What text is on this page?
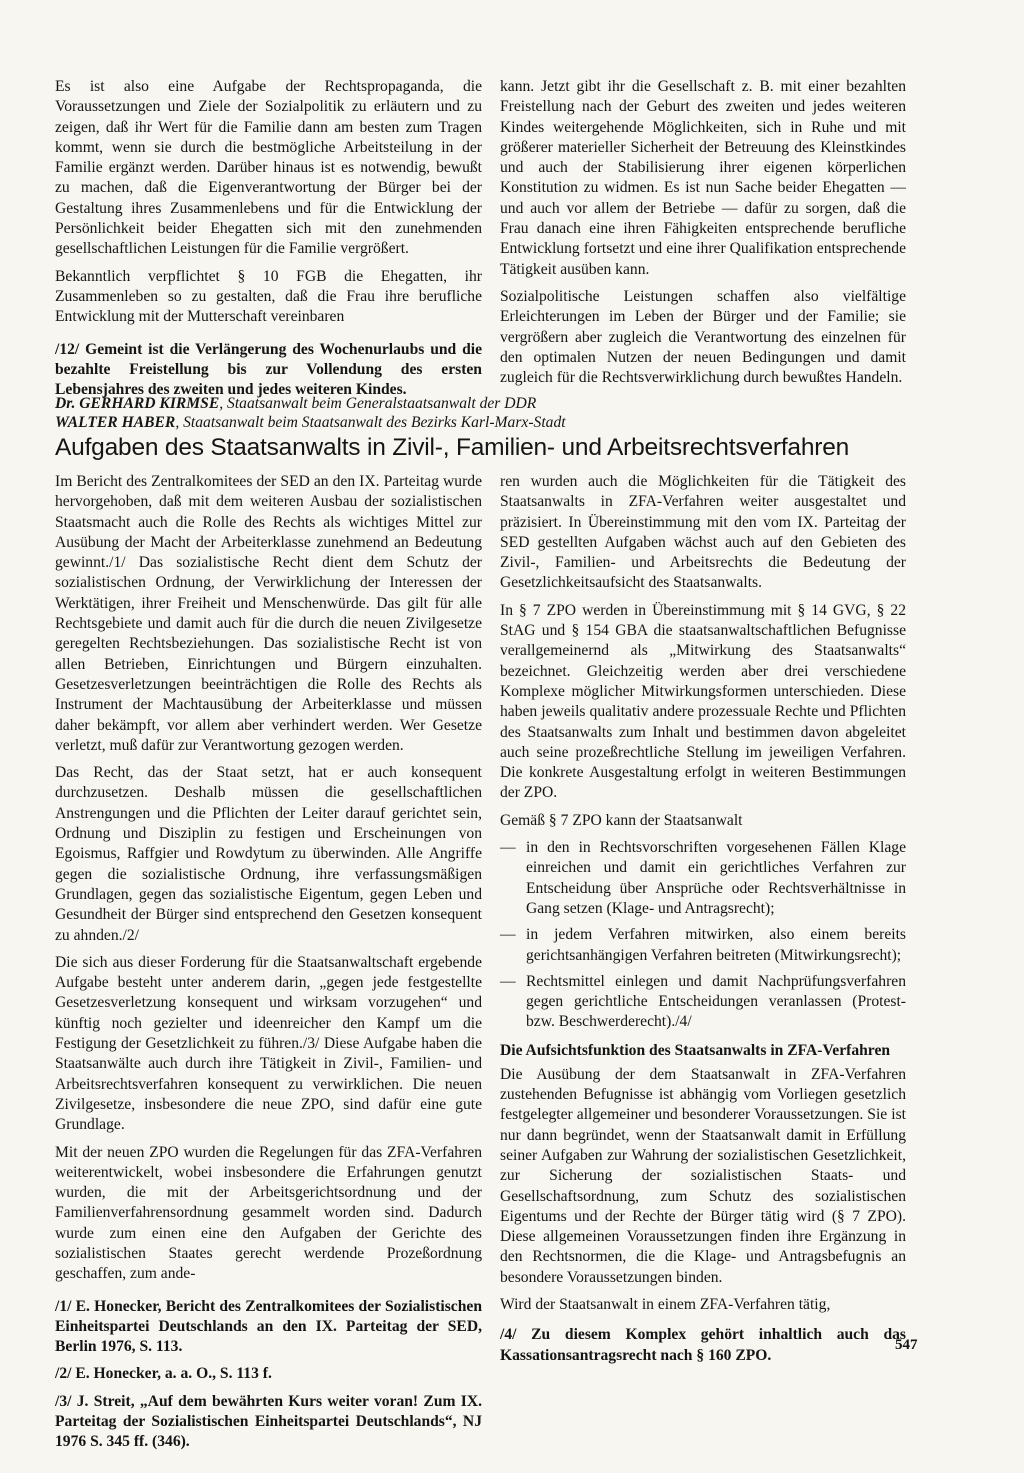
Es ist also eine Aufgabe der Rechtspropaganda, die Voraussetzungen und Ziele der Sozialpolitik zu erläutern und zu zeigen, daß ihr Wert für die Familie dann am besten zum Tragen kommt, wenn sie durch die bestmögliche Arbeitsteilung in der Familie ergänzt werden. Darüber hinaus ist es notwendig, bewußt zu machen, daß die Eigenverantwortung der Bürger bei der Gestaltung ihres Zusammenlebens und für die Entwicklung der Persönlichkeit beider Ehegatten sich mit den zunehmenden gesellschaftlichen Leistungen für die Familie vergrößert.

Bekanntlich verpflichtet § 10 FGB die Ehegatten, ihr Zusammenleben so zu gestalten, daß die Frau ihre berufliche Entwicklung mit der Mutterschaft vereinbaren

/12/ Gemeint ist die Verlängerung des Wochenurlaubs und die bezahlte Freistellung bis zur Vollendung des ersten Lebensjahres des zweiten und jedes weiteren Kindes.

kann. Jetzt gibt ihr die Gesellschaft z. B. mit einer bezahlten Freistellung nach der Geburt des zweiten und jedes weiteren Kindes weitergehende Möglichkeiten, sich in Ruhe und mit größerer materieller Sicherheit der Betreuung des Kleinstkindes und auch der Stabilisierung ihrer eigenen körperlichen Konstitution zu widmen. Es ist nun Sache beider Ehegatten — und auch vor allem der Betriebe — dafür zu sorgen, daß die Frau danach eine ihren Fähigkeiten entsprechende berufliche Entwicklung fortsetzt und eine ihrer Qualifikation entsprechende Tätigkeit ausüben kann.

Sozialpolitische Leistungen schaffen also vielfältige Erleichterungen im Leben der Bürger und der Familie; sie vergrößern aber zugleich die Verantwortung des einzelnen für den optimalen Nutzen der neuen Bedingungen und damit zugleich für die Rechtsverwirklichung durch bewußtes Handeln.

Dr. GERHARD KIRMSE, Staatsanwalt beim Generalstaatsanwalt der DDR
WALTER HABER, Staatsanwalt beim Staatsanwalt des Bezirks Karl-Marx-Stadt
Aufgaben des Staatsanwalts in Zivil-, Familien- und Arbeitsrechtsverfahren

Im Bericht des Zentralkomitees der SED an den IX. Parteitag wurde hervorgehoben, daß mit dem weiteren Ausbau der sozialistischen Staatsmacht auch die Rolle des Rechts als wichtiges Mittel zur Ausübung der Macht der Arbeiterklasse zunehmend an Bedeutung gewinnt./1/ Das sozialistische Recht dient dem Schutz der sozialistischen Ordnung, der Verwirklichung der Interessen der Werktätigen, ihrer Freiheit und Menschenwürde. Das gilt für alle Rechtsgebiete und damit auch für die durch die neuen Zivilgesetze geregelten Rechtsbeziehungen. Das sozialistische Recht ist von allen Betrieben, Einrichtungen und Bürgern einzuhalten. Gesetzesverletzungen beeinträchtigen die Rolle des Rechts als Instrument der Machtausübung der Arbeiterklasse und müssen daher bekämpft, vor allem aber verhindert werden. Wer Gesetze verletzt, muß dafür zur Verantwortung gezogen werden.

Das Recht, das der Staat setzt, hat er auch konsequent durchzusetzen. Deshalb müssen die gesellschaftlichen Anstrengungen und die Pflichten der Leiter darauf gerichtet sein, Ordnung und Disziplin zu festigen und Erscheinungen von Egoismus, Raffgier und Rowdytum zu überwinden. Alle Angriffe gegen die sozialistische Ordnung, ihre verfassungsmäßigen Grundlagen, gegen das sozialistische Eigentum, gegen Leben und Gesundheit der Bürger sind entsprechend den Gesetzen konsequent zu ahnden./2/

Die sich aus dieser Forderung für die Staatsanwaltschaft ergebende Aufgabe besteht unter anderem darin, „gegen jede festgestellte Gesetzesverletzung konsequent und wirksam vorzugehen“ und künftig noch gezielter und ideenreicher den Kampf um die Festigung der Gesetzlichkeit zu führen./3/ Diese Aufgabe haben die Staatsanwälte auch durch ihre Tätigkeit in Zivil-, Familien- und Arbeitsrechtsverfahren konsequent zu verwirklichen. Die neuen Zivilgesetze, insbesondere die neue ZPO, sind dafür eine gute Grundlage.

Mit der neuen ZPO wurden die Regelungen für das ZFA-Verfahren weiterentwickelt, wobei insbesondere die Erfahrungen genutzt wurden, die mit der Arbeitsgerichtsordnung und der Familienverfahrensordnung gesammelt worden sind. Dadurch wurde zum einen eine den Aufgaben der Gerichte des sozialistischen Staates gerecht werdende Prozeßordnung geschaffen, zum ande-

/1/ E. Honecker, Bericht des Zentralkomitees der Sozialistischen Einheitspartei Deutschlands an den IX. Parteitag der SED, Berlin 1976, S. 113.

/2/ E. Honecker, a. a. O., S. 113 f.

/3/ J. Streit, „Auf dem bewährten Kurs weiter voran! Zum IX. Parteitag der Sozialistischen Einheitspartei Deutschlands“, NJ 1976 S. 345 ff. (346).

ren wurden auch die Möglichkeiten für die Tätigkeit des Staatsanwalts in ZFA-Verfahren weiter ausgestaltet und präzisiert. In Übereinstimmung mit den vom IX. Parteitag der SED gestellten Aufgaben wächst auch auf den Gebieten des Zivil-, Familien- und Arbeitsrechts die Bedeutung der Gesetzlichkeitsaufsicht des Staatsanwalts.

In § 7 ZPO werden in Übereinstimmung mit § 14 GVG, § 22 StAG und § 154 GBA die staatsanwaltschaftlichen Befugnisse verallgemeinernd als „Mitwirkung des Staatsanwalts“ bezeichnet. Gleichzeitig werden aber drei verschiedene Komplexe möglicher Mitwirkungsformen unterschieden. Diese haben jeweils qualitativ andere prozessuale Rechte und Pflichten des Staatsanwalts zum Inhalt und bestimmen davon abgeleitet auch seine prozeßrechtliche Stellung im jeweiligen Verfahren. Die konkrete Ausgestaltung erfolgt in weiteren Bestimmungen der ZPO.

Gemäß § 7 ZPO kann der Staatsanwalt

— in den in Rechtsvorschriften vorgesehenen Fällen Klage einreichen und damit ein gerichtliches Verfahren zur Entscheidung über Ansprüche oder Rechtsverhältnisse in Gang setzen (Klage- und Antragsrecht);
— in jedem Verfahren mitwirken, also einem bereits gerichtsanhängigen Verfahren beitreten (Mitwirkungsrecht);
— Rechtsmittel einlegen und damit Nachprüfungsverfahren gegen gerichtliche Entscheidungen veranlassen (Protest- bzw. Beschwerderecht)./4/
Die Aufsichtsfunktion des Staatsanwalts in ZFA-Verfahren

Die Ausübung der dem Staatsanwalt in ZFA-Verfahren zustehenden Befugnisse ist abhängig vom Vorliegen gesetzlich festgelegter allgemeiner und besonderer Voraussetzungen. Sie ist nur dann begründet, wenn der Staatsanwalt damit in Erfüllung seiner Aufgaben zur Wahrung der sozialistischen Gesetzlichkeit, zur Sicherung der sozialistischen Staats- und Gesellschaftsordnung, zum Schutz des sozialistischen Eigentums und der Rechte der Bürger tätig wird (§ 7 ZPO). Diese allgemeinen Voraussetzungen finden ihre Ergänzung in den Rechtsnormen, die die Klage- und Antragsbefugnis an besondere Voraussetzungen binden.

Wird der Staatsanwalt in einem ZFA-Verfahren tätig,

/4/ Zu diesem Komplex gehört inhaltlich auch das Kassationsantragsrecht nach § 160 ZPO.

547
